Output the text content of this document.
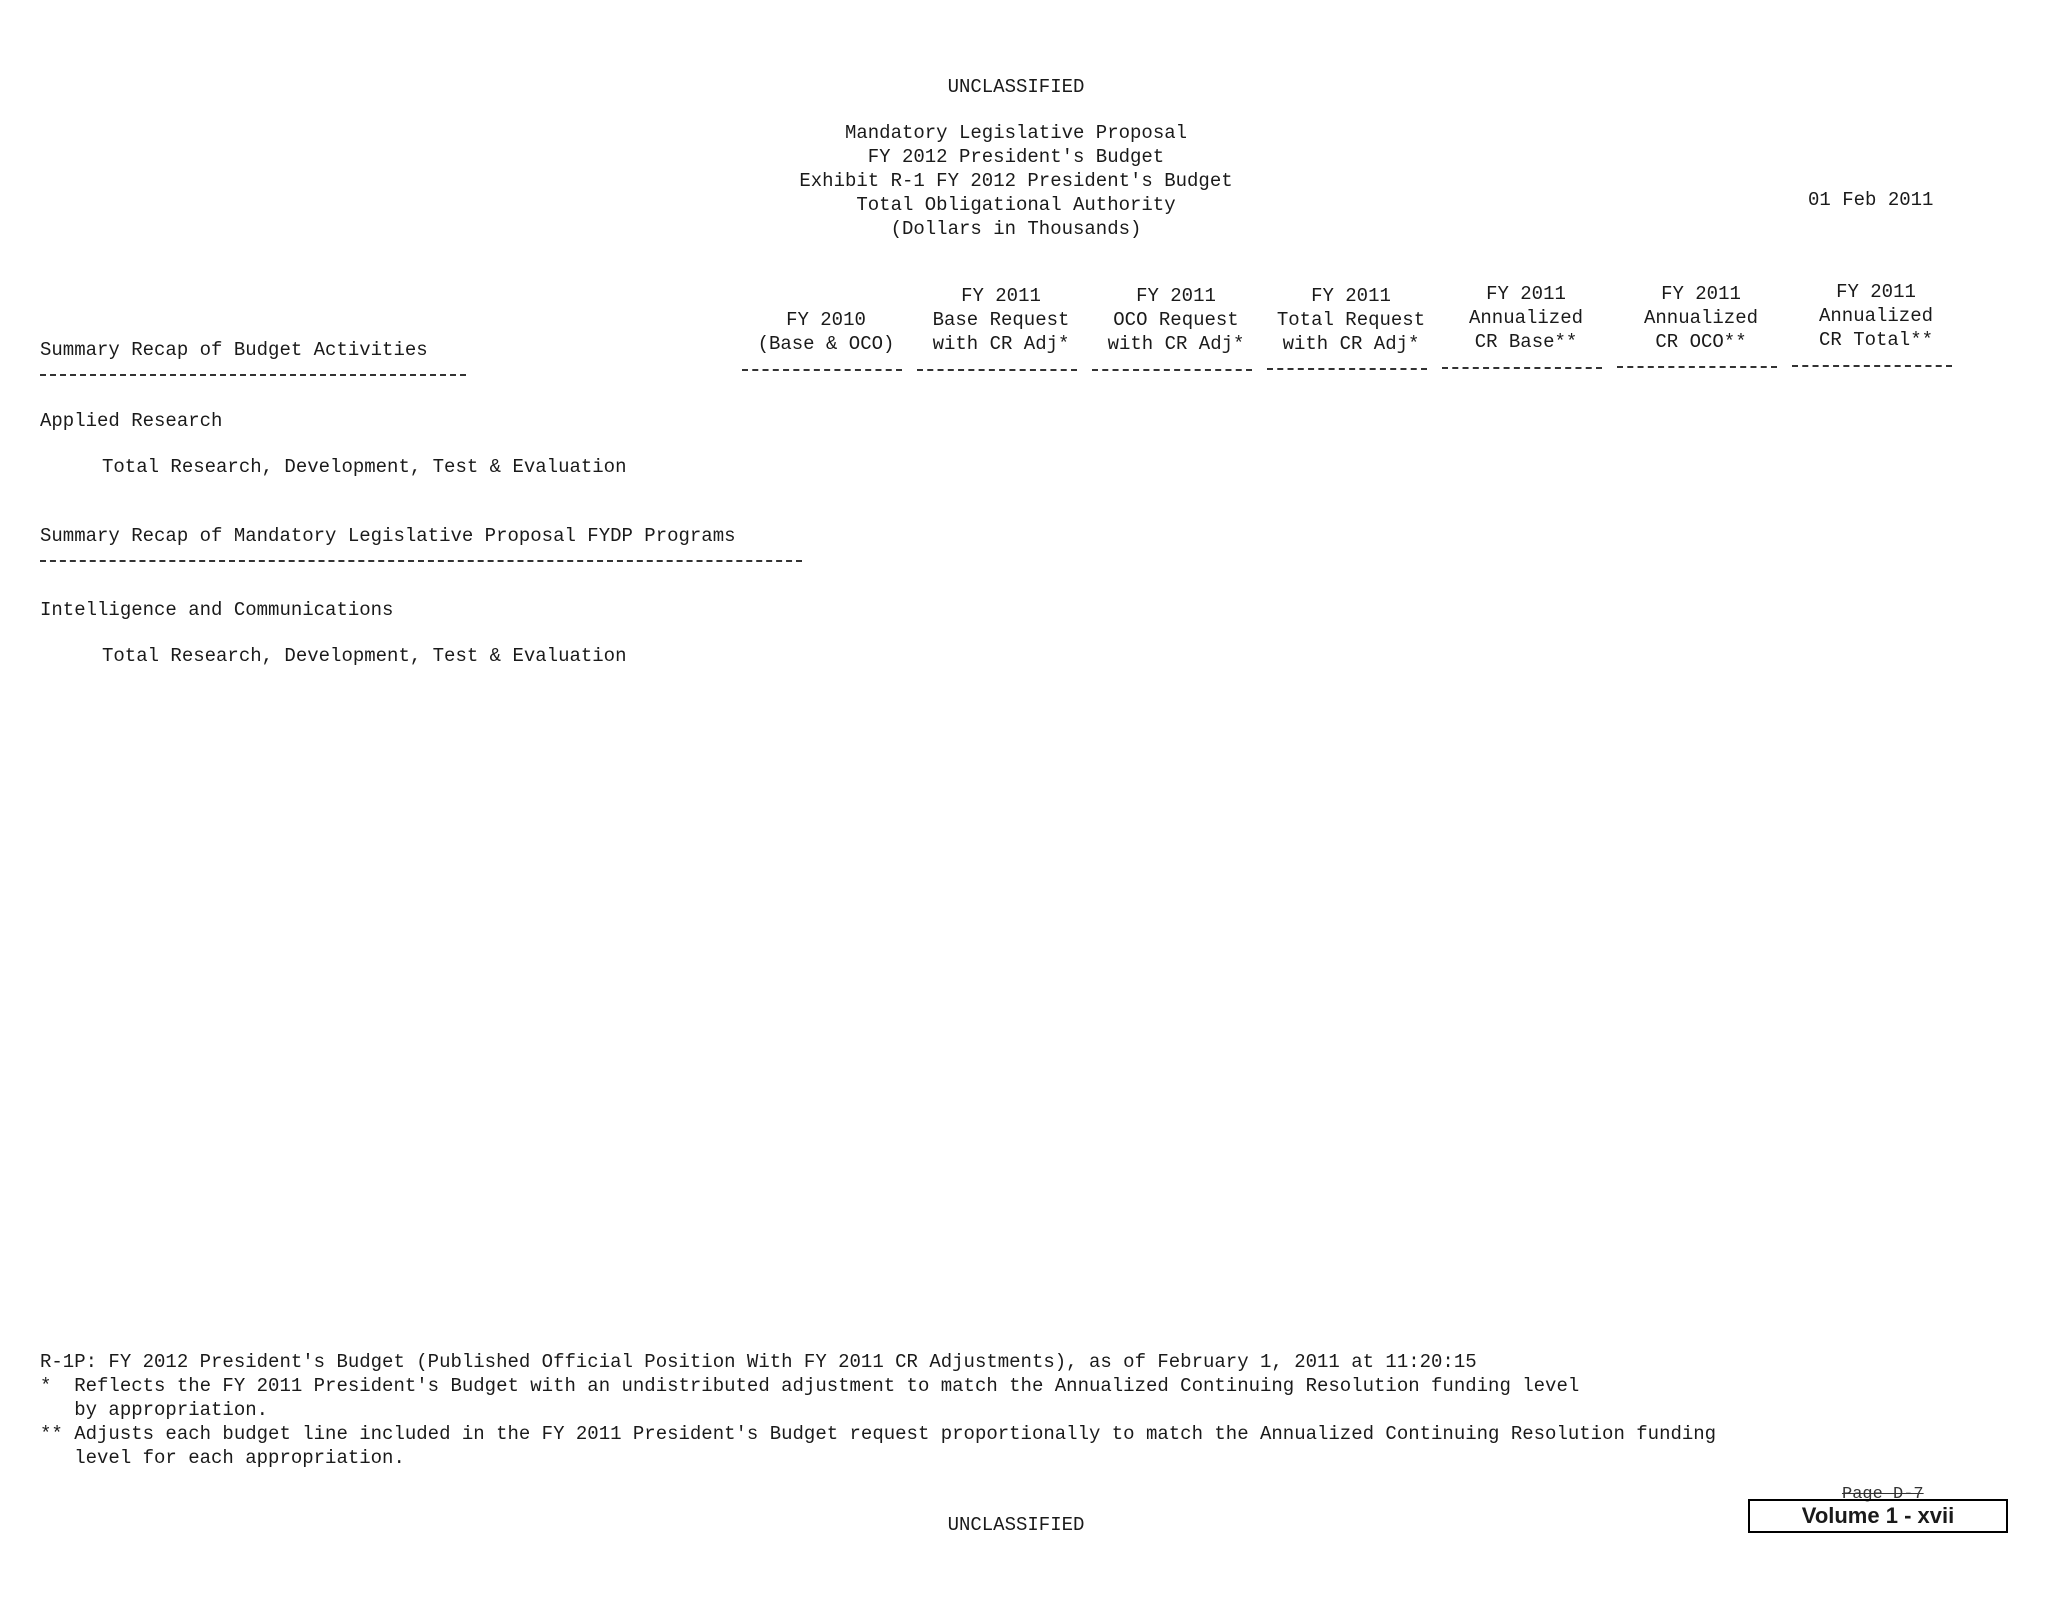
UNCLASSIFIED
Mandatory Legislative Proposal
FY 2012 President's Budget
Exhibit R-1 FY 2012 President's Budget
Total Obligational Authority
(Dollars in Thousands)
01 Feb 2011
Summary Recap of Budget Activities

FY 2010
(Base & OCO)
FY 2011
Base Request
with CR Adj*
FY 2011
OCO Request
with CR Adj*
FY 2011
Total Request
with CR Adj*
FY 2011
Annualized
CR Base**
FY 2011
Annualized
CR OCO**
FY 2011
Annualized
CR Total**
Applied Research
Total Research, Development, Test & Evaluation
Summary Recap of Mandatory Legislative Proposal FYDP Programs
Intelligence and Communications
Total Research, Development, Test & Evaluation
R-1P: FY 2012 President's Budget (Published Official Position With FY 2011 CR Adjustments), as of February 1, 2011 at 11:20:15
*  Reflects the FY 2011 President's Budget with an undistributed adjustment to match the Annualized Continuing Resolution funding level
by appropriation.
** Adjusts each budget line included in the FY 2011 President's Budget request proportionally to match the Annualized Continuing Resolution funding
level for each appropriation.
UNCLASSIFIED
Page D-7
Volume 1 - xvii
